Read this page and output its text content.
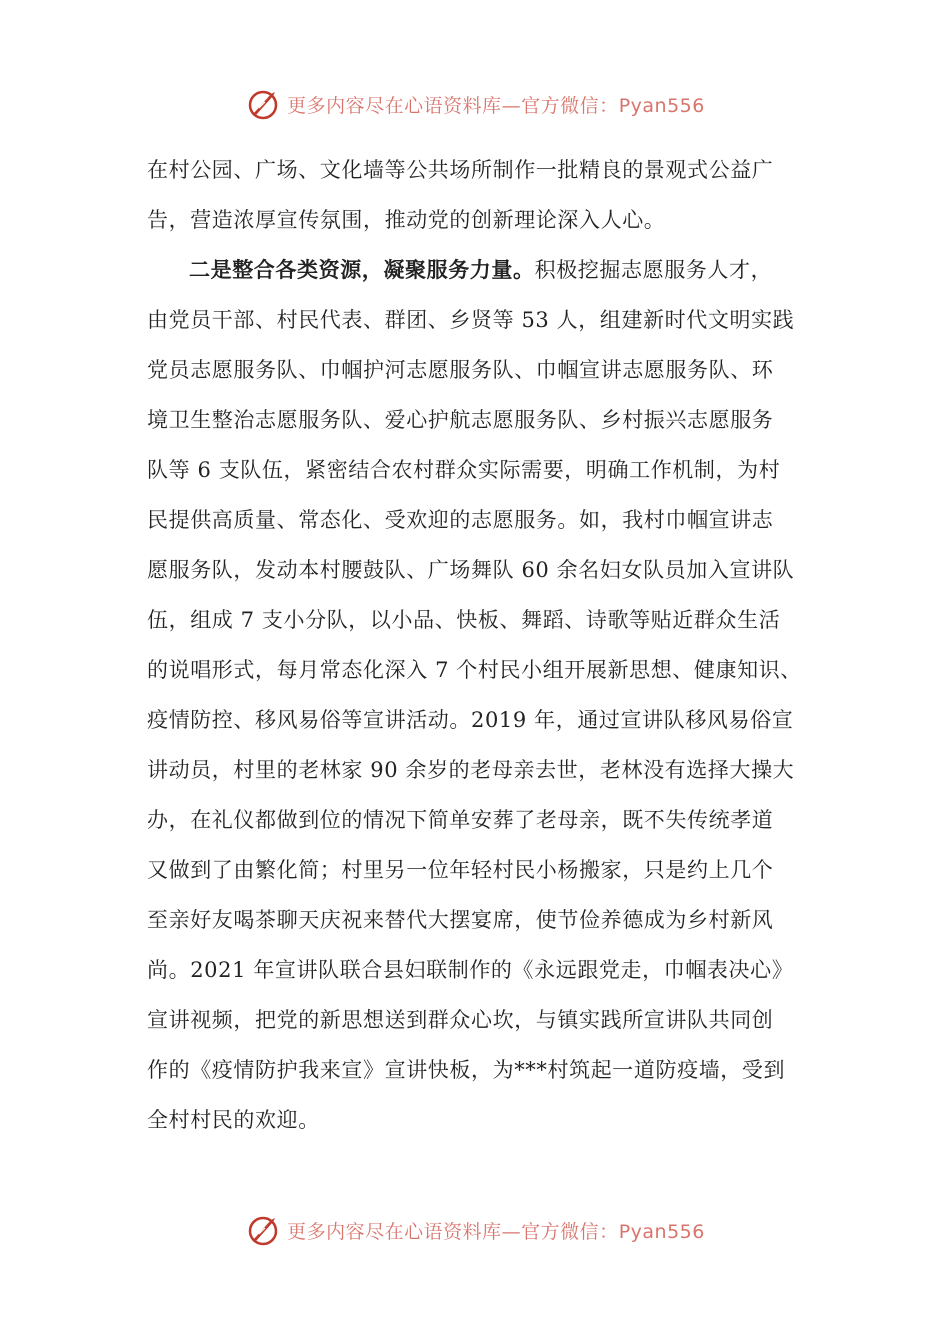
更多内容尽在心语资料库—官方微信：Pyan556
在村公园、广场、文化墙等公共场所制作一批精良的景观式公益广
告，营造浓厚宣传氛围，推动党的创新理论深入人心。
二是整合各类资源，凝聚服务力量。积极挖掘志愿服务人才，
由党员干部、村民代表、群团、乡贤等 53 人，组建新时代文明实践
党员志愿服务队、巾帼护河志愿服务队、巾帼宣讲志愿服务队、环
境卫生整治志愿服务队、爱心护航志愿服务队、乡村振兴志愿服务
队等 6 支队伍，紧密结合农村群众实际需要，明确工作机制，为村
民提供高质量、常态化、受欢迎的志愿服务。如，我村巾帼宣讲志
愿服务队，发动本村腰鼓队、广场舞队 60 余名妇女队员加入宣讲队
伍，组成 7 支小分队，以小品、快板、舞蹈、诗歌等贴近群众生活
的说唱形式，每月常态化深入 7 个村民小组开展新思想、健康知识、
疫情防控、移风易俗等宣讲活动。2019 年，通过宣讲队移风易俗宣
讲动员，村里的老林家 90 余岁的老母亲去世，老林没有选择大操大
办，在礼仪都做到位的情况下简单安葬了老母亲，既不失传统孝道
又做到了由繁化简；村里另一位年轻村民小杨搬家，只是约上几个
至亲好友喝茶聊天庆祝来替代大摆宴席，使节俭养德成为乡村新风
尚。2021 年宣讲队联合县妇联制作的《永远跟党走，巾帼表决心》
宣讲视频，把党的新思想送到群众心坎，与镇实践所宣讲队共同创
作的《疫情防护我来宣》宣讲快板，为***村筑起一道防疫墙，受到
全村村民的欢迎。
更多内容尽在心语资料库—官方微信：Pyan556
